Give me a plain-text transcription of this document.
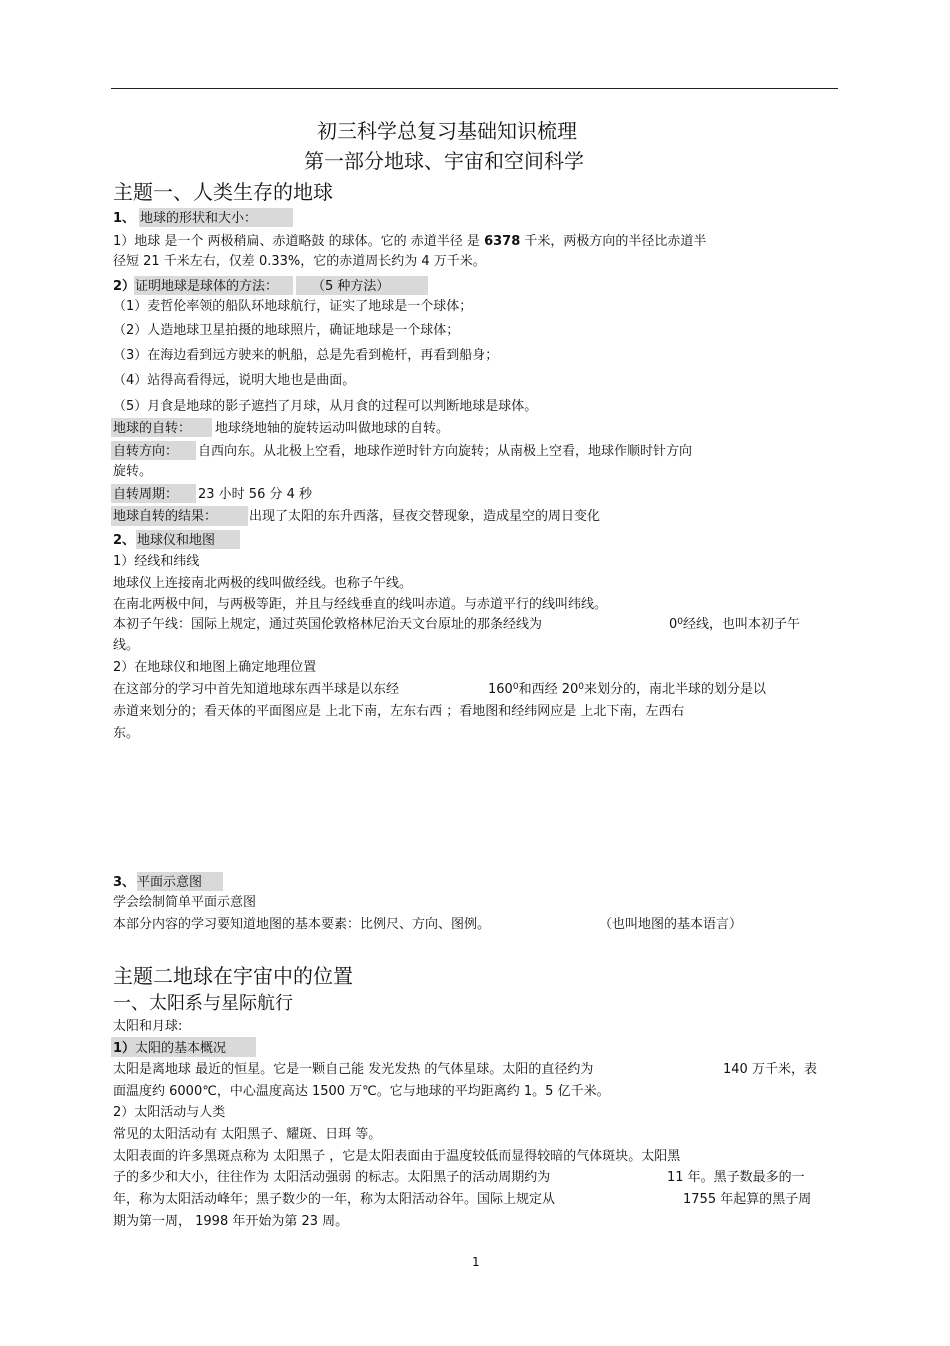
初三科学总复习基础知识梳理
第一部分地球、宇宙和空间科学
主题一、人类生存的地球
1、 地球的形状和大小：
1）地球 是一个 两极稍扁、赤道略鼓 的球体。它的 赤道半径 是 6378 千米，两极方向的半径比赤道半
径短 21 千米左右，仅差 0.33%，它的赤道周长约为 4 万千米。
2） 证明地球是球体的方法：	（5 种方法）
（1）麦哲伦率领的船队环地球航行，证实了地球是一个球体；
（2）人造地球卫星拍摄的地球照片，确证地球是一个球体；
（3）在海边看到远方驶来的帆船，总是先看到桅杆，再看到船身；
（4）站得高看得远，说明大地也是曲面。
（5）月食是地球的影子遮挡了月球，从月食的过程可以判断地球是球体。
地球的自转： 地球绕地轴的旋转运动叫做地球的自转。
自转方向： 自西向东。从北极上空看，地球作逆时针方向旋转；从南极上空看，地球作顺时针方向
旋转。
自转周期： 23 小时 56 分 4 秒
地球自转的结果： 出现了太阳的东升西落，昼夜交替现象，造成星空的周日变化
2、 地球仪和地图
1）经线和纬线
地球仪上连接南北两极的线叫做经线。也称子午线。
在南北两极中间，与两极等距，并且与经线垂直的线叫赤道。与赤道平行的线叫纬线。
本初子午线：国际上规定，通过英国伦敦格林尼治天文台原址的那条经线为	$0^0$经线，也叫本初子午
线。
2）在地球仪和地图上确定地理位置
在这部分的学习中首先知道地球东西半球是以东经	$160^0$和西经 $20^0$来划分的，南北半球的划分是以
赤道来划分的；看天体的平面图应是 上北下南，左东右西 ；看地图和经纬网应是 上北下南，左西右
东。
3、 平面示意图
学会绘制简单平面示意图
本部分内容的学习要知道地图的基本要素：比例尺、方向、图例。	（也叫地图的基本语言）
主题二地球在宇宙中的位置
一、太阳系与星际航行
太阳和月球:
1） 太阳的基本概况
太阳是离地球 最近的恒星。它是一颗自己能 发光发热 的气体星球。太阳的直径约为	140 万千米，表
面温度约 6000℃，中心温度高达 1500 万℃。它与地球的平均距离约 1。5 亿千米。
2）太阳活动与人类
常见的太阳活动有 太阳黑子、耀斑、日珥 等。
太阳表面的许多黑斑点称为 太阳黑子 ，它是太阳表面由于温度较低而显得较暗的气体斑块。太阳黑
子的多少和大小，往往作为 太阳活动强弱 的标志。太阳黑子的活动周期约为	11 年。黑子数最多的一
年，称为太阳活动峰年；黑子数少的一年，称为太阳活动谷年。国际上规定从	1755 年起算的黑子周
期为第一周， 1998 年开始为第 23 周。
1
